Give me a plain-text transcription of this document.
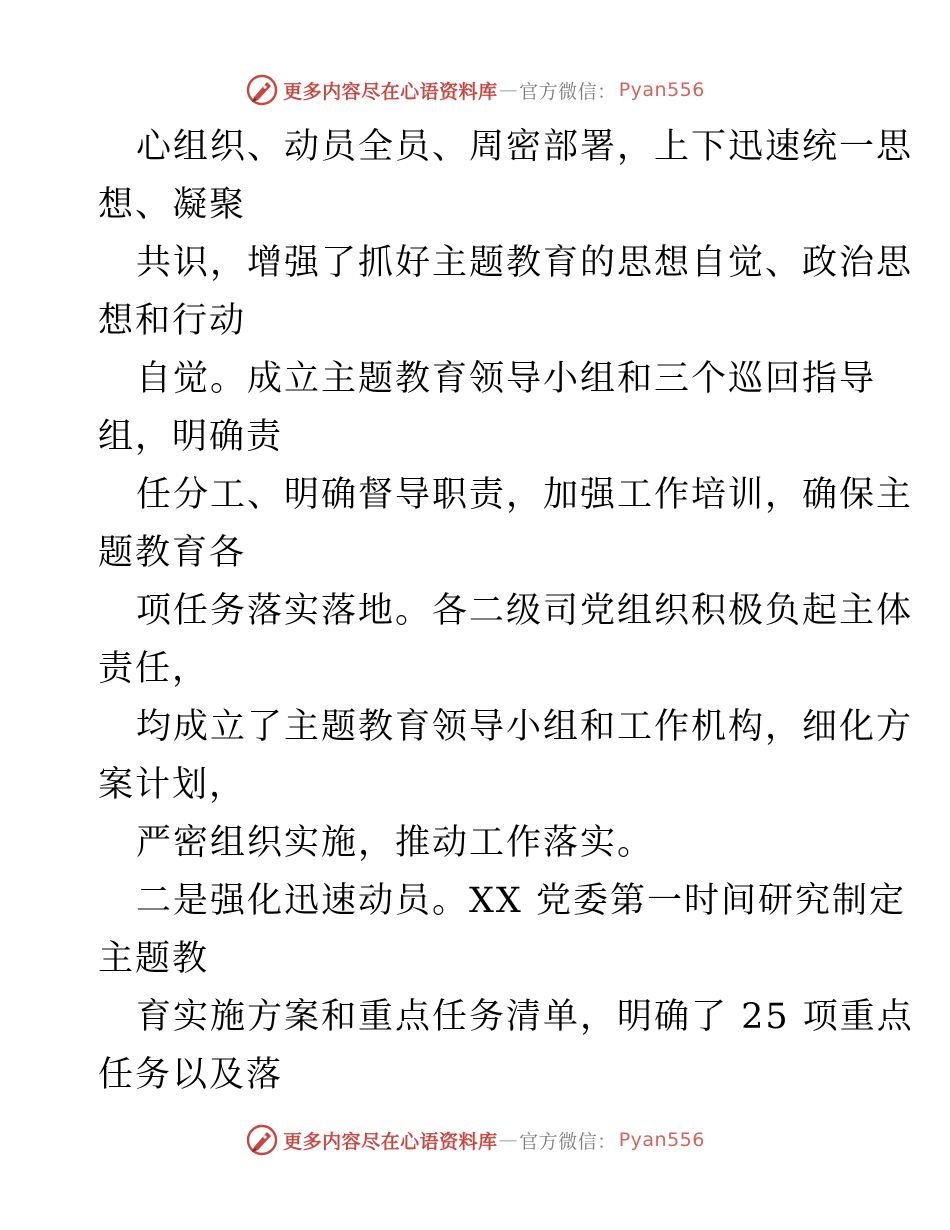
更多内容尽在心语资料库 — 官方微信： Pyan556
心组织、动员全员、周密部署，上下迅速统一思
想、凝聚
共识，增强了抓好主题教育的思想自觉、政治思
想和行动
自觉。成立主题教育领导小组和三个巡回指导
组，明确责
任分工、明确督导职责，加强工作培训，确保主
题教育各
项任务落实落地。各二级司党组织积极负起主体
责任，
均成立了主题教育领导小组和工作机构，细化方
案计划，
严密组织实施，推动工作落实。
二是强化迅速动员。XX 党委第一时间研究制定
主题教
育实施方案和重点任务清单，明确了 25 项重点
任务以及落
更多内容尽在心语资料库 — 官方微信： Pyan556
